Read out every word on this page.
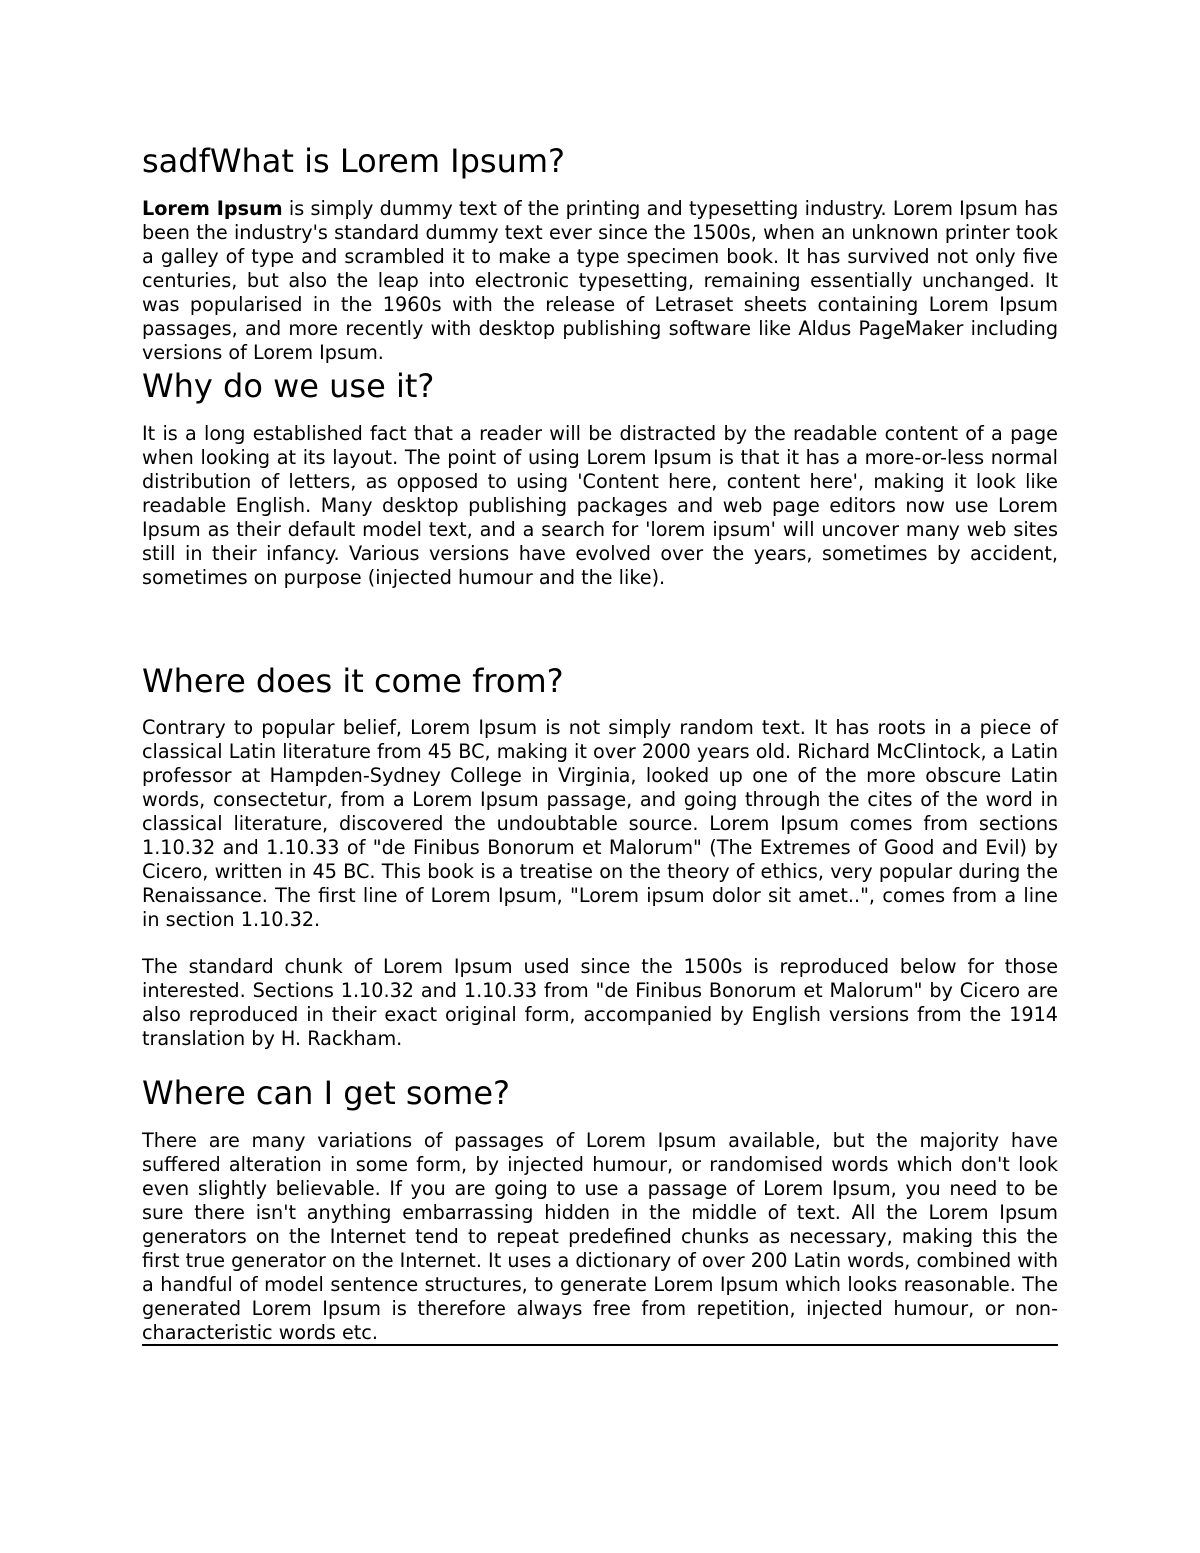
sadfWhat is Lorem Ipsum?

Lorem Ipsum is simply dummy text of the printing and typesetting industry. Lorem Ipsum has been the industry's standard dummy text ever since the 1500s, when an unknown printer took a galley of type and scrambled it to make a type specimen book. It has survived not only five centuries, but also the leap into electronic typesetting, remaining essentially unchanged. It was popularised in the 1960s with the release of Letraset sheets containing Lorem Ipsum passages, and more recently with desktop publishing software like Aldus PageMaker including versions of Lorem Ipsum.

Why do we use it?

It is a long established fact that a reader will be distracted by the readable content of a page when looking at its layout. The point of using Lorem Ipsum is that it has a more-or-less normal distribution of letters, as opposed to using 'Content here, content here', making it look like readable English. Many desktop publishing packages and web page editors now use Lorem Ipsum as their default model text, and a search for 'lorem ipsum' will uncover many web sites still in their infancy. Various versions have evolved over the years, sometimes by accident, sometimes on purpose (injected humour and the like).

Where does it come from?

Contrary to popular belief, Lorem Ipsum is not simply random text. It has roots in a piece of classical Latin literature from 45 BC, making it over 2000 years old. Richard McClintock, a Latin professor at Hampden-Sydney College in Virginia, looked up one of the more obscure Latin words, consectetur, from a Lorem Ipsum passage, and going through the cites of the word in classical literature, discovered the undoubtable source. Lorem Ipsum comes from sections 1.10.32 and 1.10.33 of "de Finibus Bonorum et Malorum" (The Extremes of Good and Evil) by Cicero, written in 45 BC. This book is a treatise on the theory of ethics, very popular during the Renaissance. The first line of Lorem Ipsum, "Lorem ipsum dolor sit amet..", comes from a line in section 1.10.32.

The standard chunk of Lorem Ipsum used since the 1500s is reproduced below for those interested. Sections 1.10.32 and 1.10.33 from "de Finibus Bonorum et Malorum" by Cicero are also reproduced in their exact original form, accompanied by English versions from the 1914 translation by H. Rackham.

Where can I get some?

There are many variations of passages of Lorem Ipsum available, but the majority have suffered alteration in some form, by injected humour, or randomised words which don't look even slightly believable. If you are going to use a passage of Lorem Ipsum, you need to be sure there isn't anything embarrassing hidden in the middle of text. All the Lorem Ipsum generators on the Internet tend to repeat predefined chunks as necessary, making this the first true generator on the Internet. It uses a dictionary of over 200 Latin words, combined with a handful of model sentence structures, to generate Lorem Ipsum which looks reasonable. The generated Lorem Ipsum is therefore always free from repetition, injected humour, or non-characteristic words etc.
